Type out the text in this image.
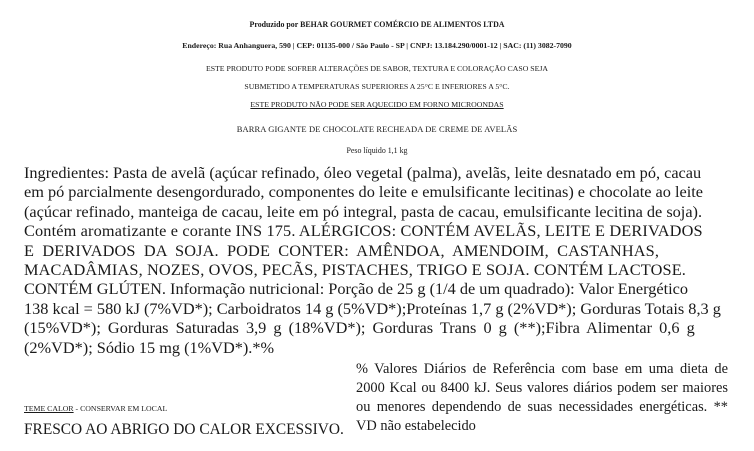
Produzido por BEHAR GOURMET COMÉRCIO DE ALIMENTOS LTDA
Endereço: Rua Anhanguera, 590 | CEP: 01135-000 / São Paulo - SP | CNPJ: 13.184.290/0001-12 | SAC: (11) 3082-7090
ESTE PRODUTO PODE SOFRER ALTERAÇÕES DE SABOR, TEXTURA E COLORAÇÃO CASO SEJA
SUBMETIDO A TEMPERATURAS SUPERIORES A 25°C E INFERIORES A 5°C.
ESTE PRODUTO NÃO PODE SER AQUECIDO EM FORNO MICROONDAS
BARRA GIGANTE DE CHOCOLATE RECHEADA DE CREME DE AVELÃS
Peso líquido 1,1 kg
Ingredientes: Pasta de avelã (açúcar refinado, óleo vegetal (palma), avelãs, leite desnatado em pó, cacau
em pó parcialmente desengordurado, componentes do leite e emulsificante lecitinas) e chocolate ao leite
(açúcar refinado, manteiga de cacau, leite em pó integral, pasta de cacau, emulsificante lecitina de soja).
Contém aromatizante e corante INS 175. ALÉRGICOS: CONTÉM AVELÃS, LEITE E DERIVADOS
E DERIVADOS DA SOJA. PODE CONTER: AMÊNDOA, AMENDOIM, CASTANHAS,
MACADÂMIAS, NOZES, OVOS, PECÃS, PISTACHES, TRIGO E SOJA. CONTÉM LACTOSE.
CONTÉM GLÚTEN. Informação nutricional: Porção de 25 g (1/4 de um quadrado): Valor Energético
138 kcal = 580 kJ (7%VD*); Carboidratos 14 g (5%VD*);Proteínas 1,7 g (2%VD*); Gorduras Totais 8,3 g
(15%VD*); Gorduras Saturadas 3,9 g (18%VD*); Gorduras Trans 0 g (**);Fibra Alimentar 0,6 g
(2%VD*); Sódio 15 mg (1%VD*).*%
TEME CALOR - CONSERVAR EM LOCAL
FRESCO AO ABRIGO DO CALOR EXCESSIVO.
% Valores Diários de Referência com base em uma dieta de 2000 Kcal ou 8400 kJ. Seus valores diários podem ser maiores ou menores dependendo de suas necessidades energéticas. ** VD não estabelecido
